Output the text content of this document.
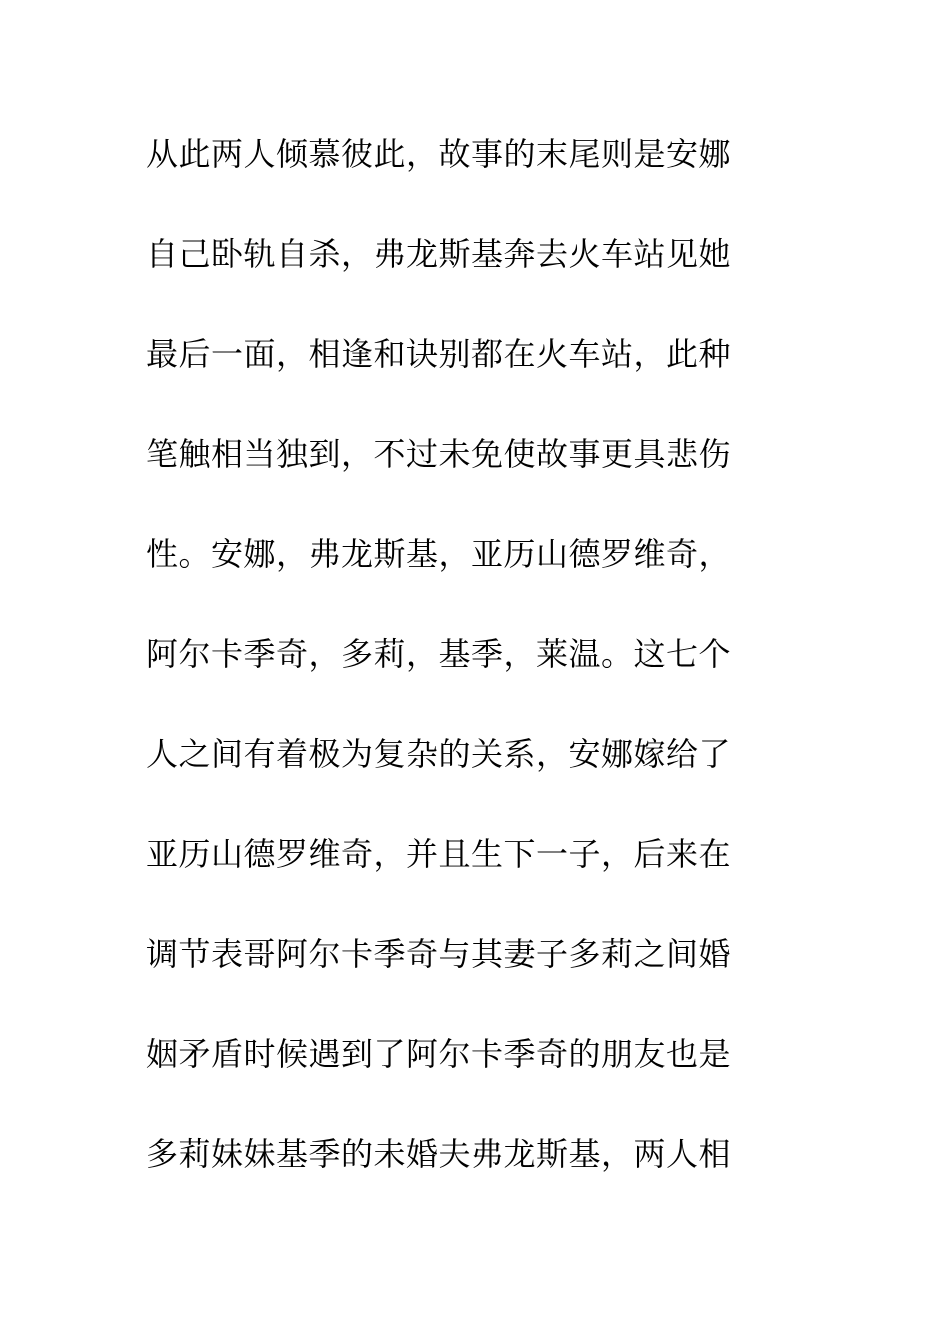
从此两人倾慕彼此，故事的末尾则是安娜
自己卧轨自杀，弗龙斯基奔去火车站见她
最后一面，相逢和诀别都在火车站，此种
笔触相当独到，不过未免使故事更具悲伤
性。安娜，弗龙斯基，亚历山德罗维奇，
阿尔卡季奇，多莉，基季，莱温。这七个
人之间有着极为复杂的关系，安娜嫁给了
亚历山德罗维奇，并且生下一子，后来在
调节表哥阿尔卡季奇与其妻子多莉之间婚
姻矛盾时候遇到了阿尔卡季奇的朋友也是
多莉妹妹基季的未婚夫弗龙斯基，两人相
